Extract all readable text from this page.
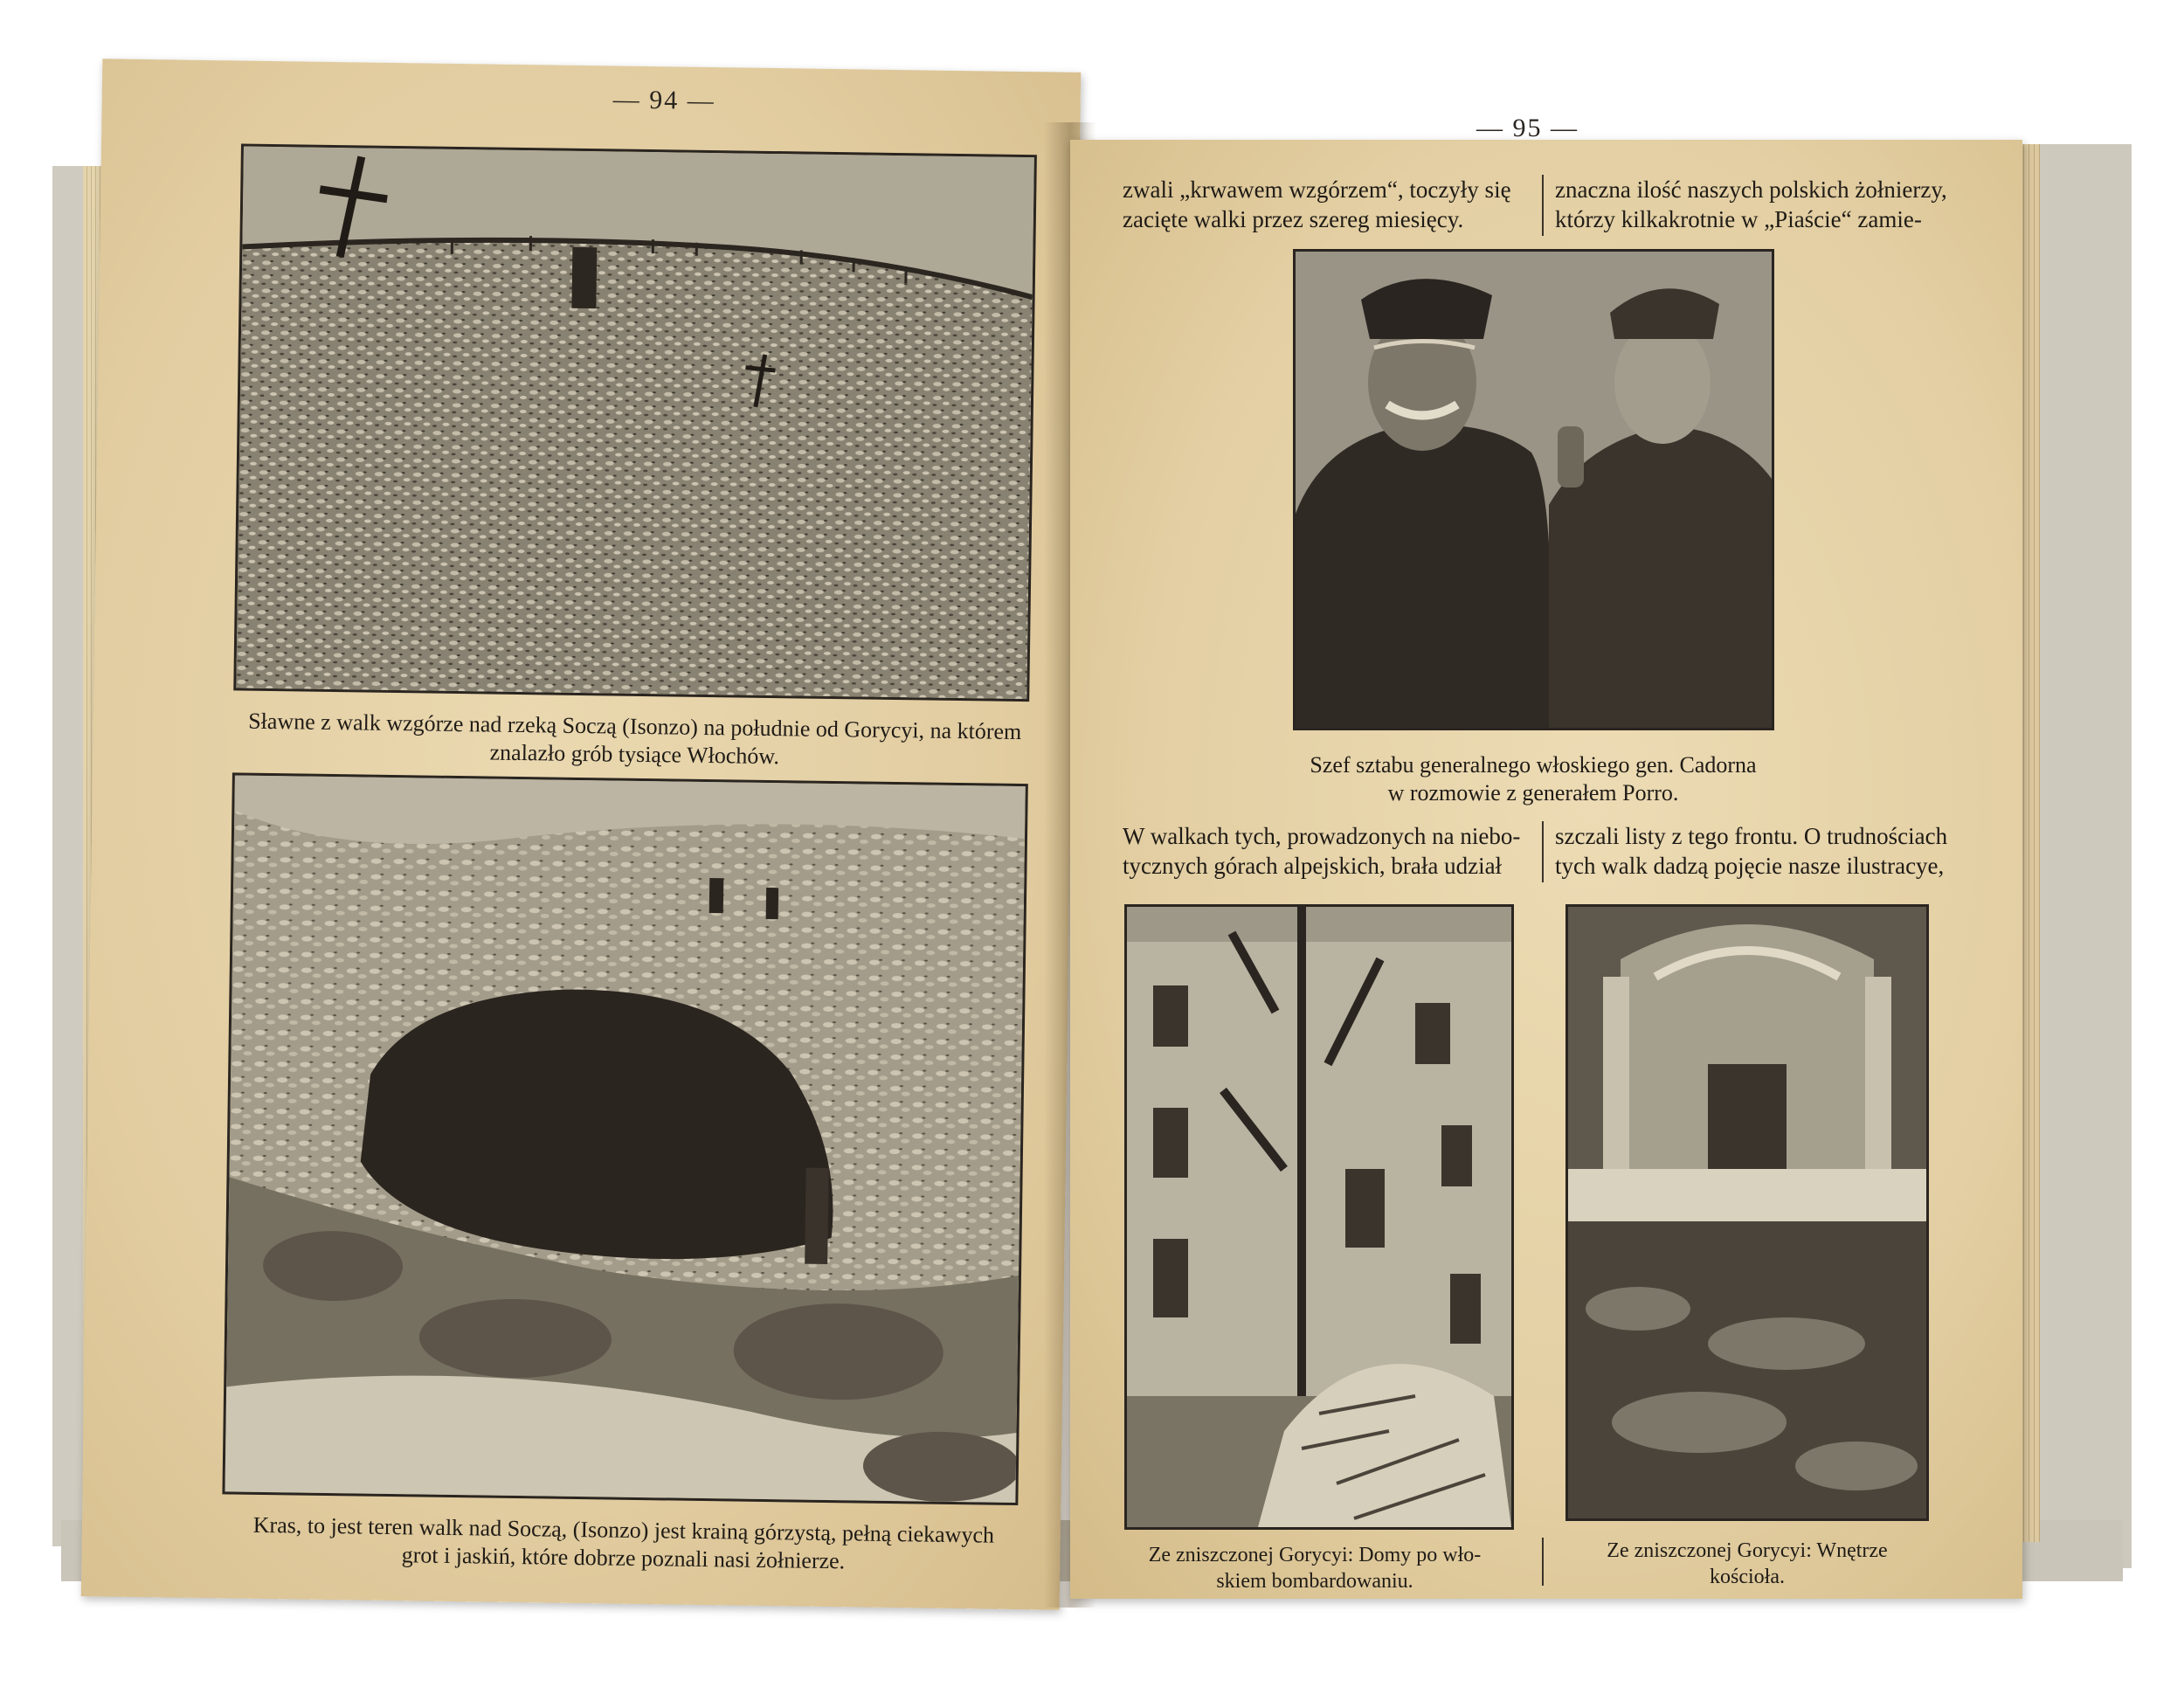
— 94 —
Sławne z walk wzgórze nad rzeką Soczą (Isonzo) na południe od Gorycyi, na którem
znalazło grób tysiące Włochów.
Kras, to jest teren walk nad Soczą, (Isonzo) jest krainą górzystą, pełną ciekawych
grot i jaskiń, które dobrze poznali nasi żołnierze.
— 95 —
zwali „krwawem wzgórzem“, toczyły się
zacięte walki przez szereg miesięcy.
znaczna ilość naszych polskich żołnierzy,
którzy kilkakrotnie w „Piaście“ zamie-
Szef sztabu generalnego włoskiego gen. Cadorna
w rozmowie z generałem Porro.
W walkach tych, prowadzonych na niebo-
tycznych górach alpejskich, brała udział
szczali listy z tego frontu. O trudnościach
tych walk dadzą pojęcie nasze ilustracye,
Ze zniszczonej Gorycyi: Domy po wło-
skiem bombardowaniu.
Ze zniszczonej Gorycyi: Wnętrze
kościoła.
